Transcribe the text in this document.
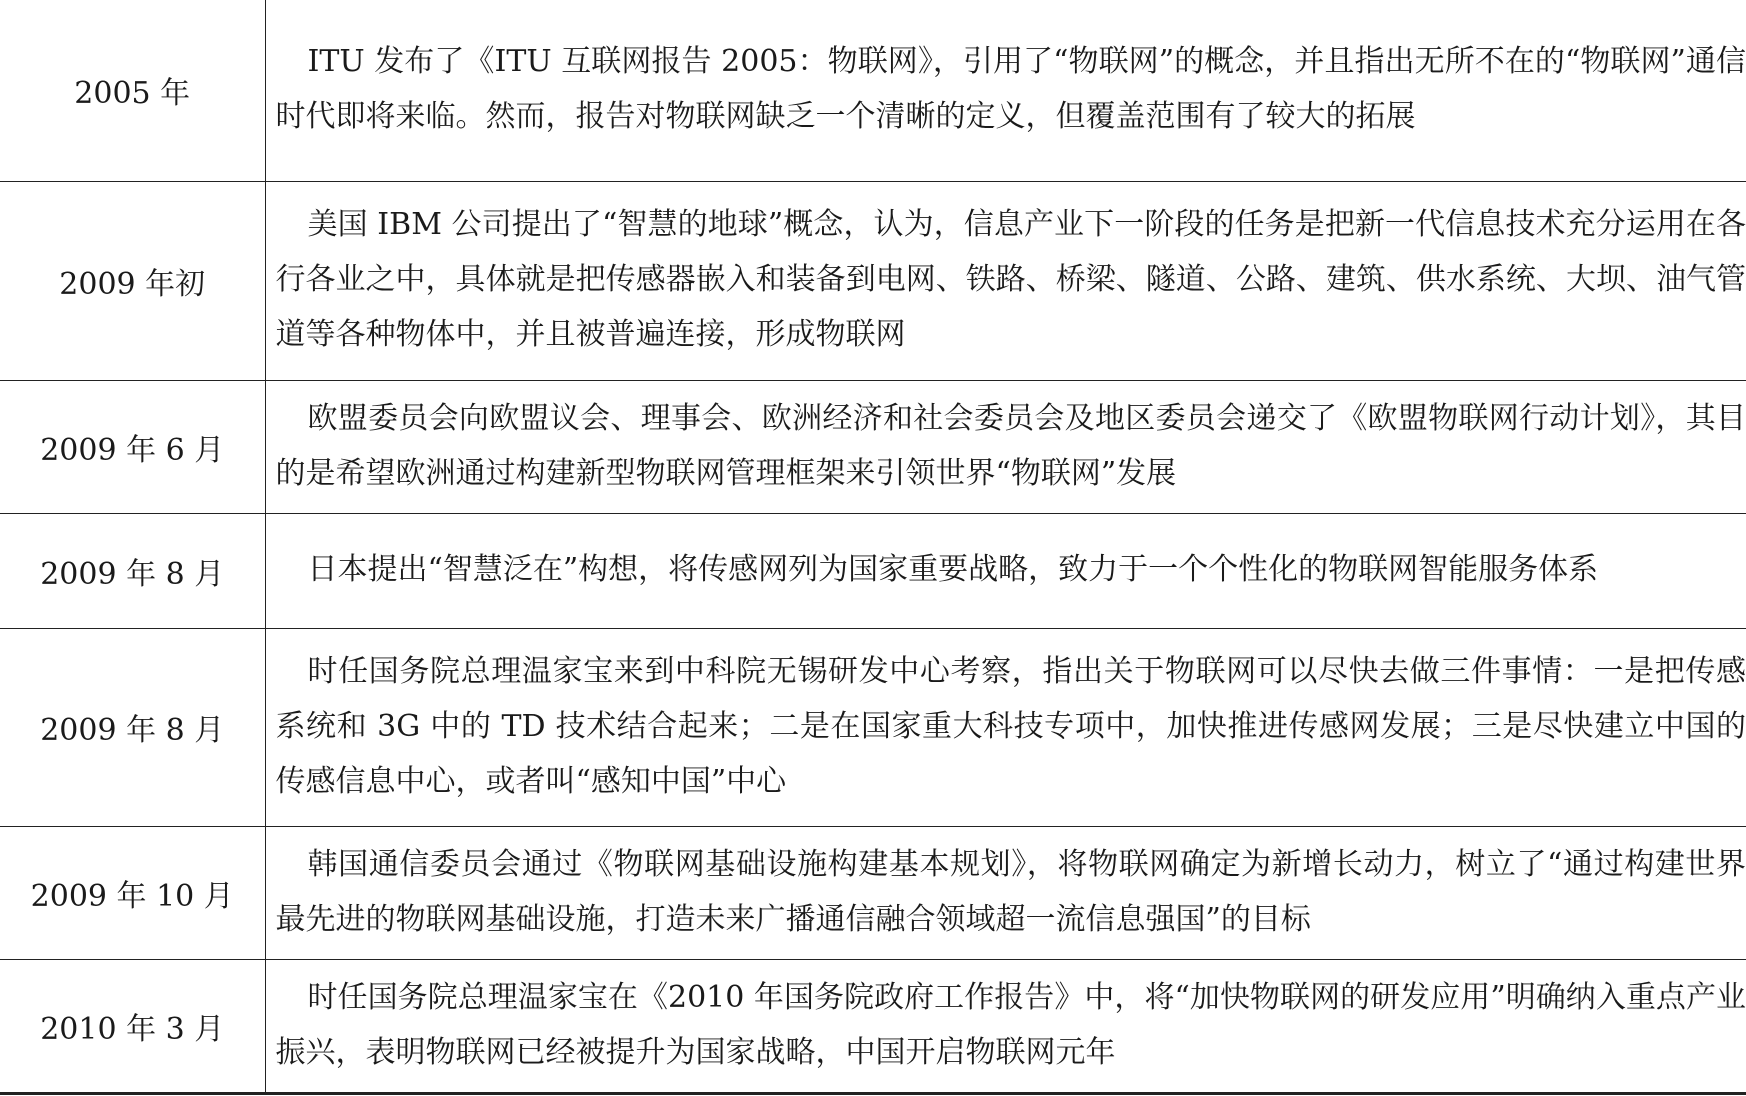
2005 年	ITU 发布了《ITU 互联网报告 2005：物联网》，引用了“物联网”的概念，并且指出无所不在的“物联网”通信时代即将来临。然而，报告对物联网缺乏一个清晰的定义，但覆盖范围有了较大的拓展
2009 年初	美国 IBM 公司提出了“智慧的地球”概念，认为，信息产业下一阶段的任务是把新一代信息技术充分运用在各行各业之中，具体就是把传感器嵌入和装备到电网、铁路、桥梁、隧道、公路、建筑、供水系统、大坝、油气管道等各种物体中，并且被普遍连接，形成物联网
2009 年 6 月	欧盟委员会向欧盟议会、理事会、欧洲经济和社会委员会及地区委员会递交了《欧盟物联网行动计划》，其目的是希望欧洲通过构建新型物联网管理框架来引领世界“物联网”发展
2009 年 8 月	日本提出“智慧泛在”构想，将传感网列为国家重要战略，致力于一个个性化的物联网智能服务体系
2009 年 8 月	时任国务院总理温家宝来到中科院无锡研发中心考察，指出关于物联网可以尽快去做三件事情：一是把传感系统和 3G 中的 TD 技术结合起来；二是在国家重大科技专项中，加快推进传感网发展；三是尽快建立中国的传感信息中心，或者叫“感知中国”中心
2009 年 10 月	韩国通信委员会通过《物联网基础设施构建基本规划》，将物联网确定为新增长动力，树立了“通过构建世界最先进的物联网基础设施，打造未来广播通信融合领域超一流信息强国”的目标
2010 年 3 月	时任国务院总理温家宝在《2010 年国务院政府工作报告》中，将“加快物联网的研发应用”明确纳入重点产业振兴，表明物联网已经被提升为国家战略，中国开启物联网元年
